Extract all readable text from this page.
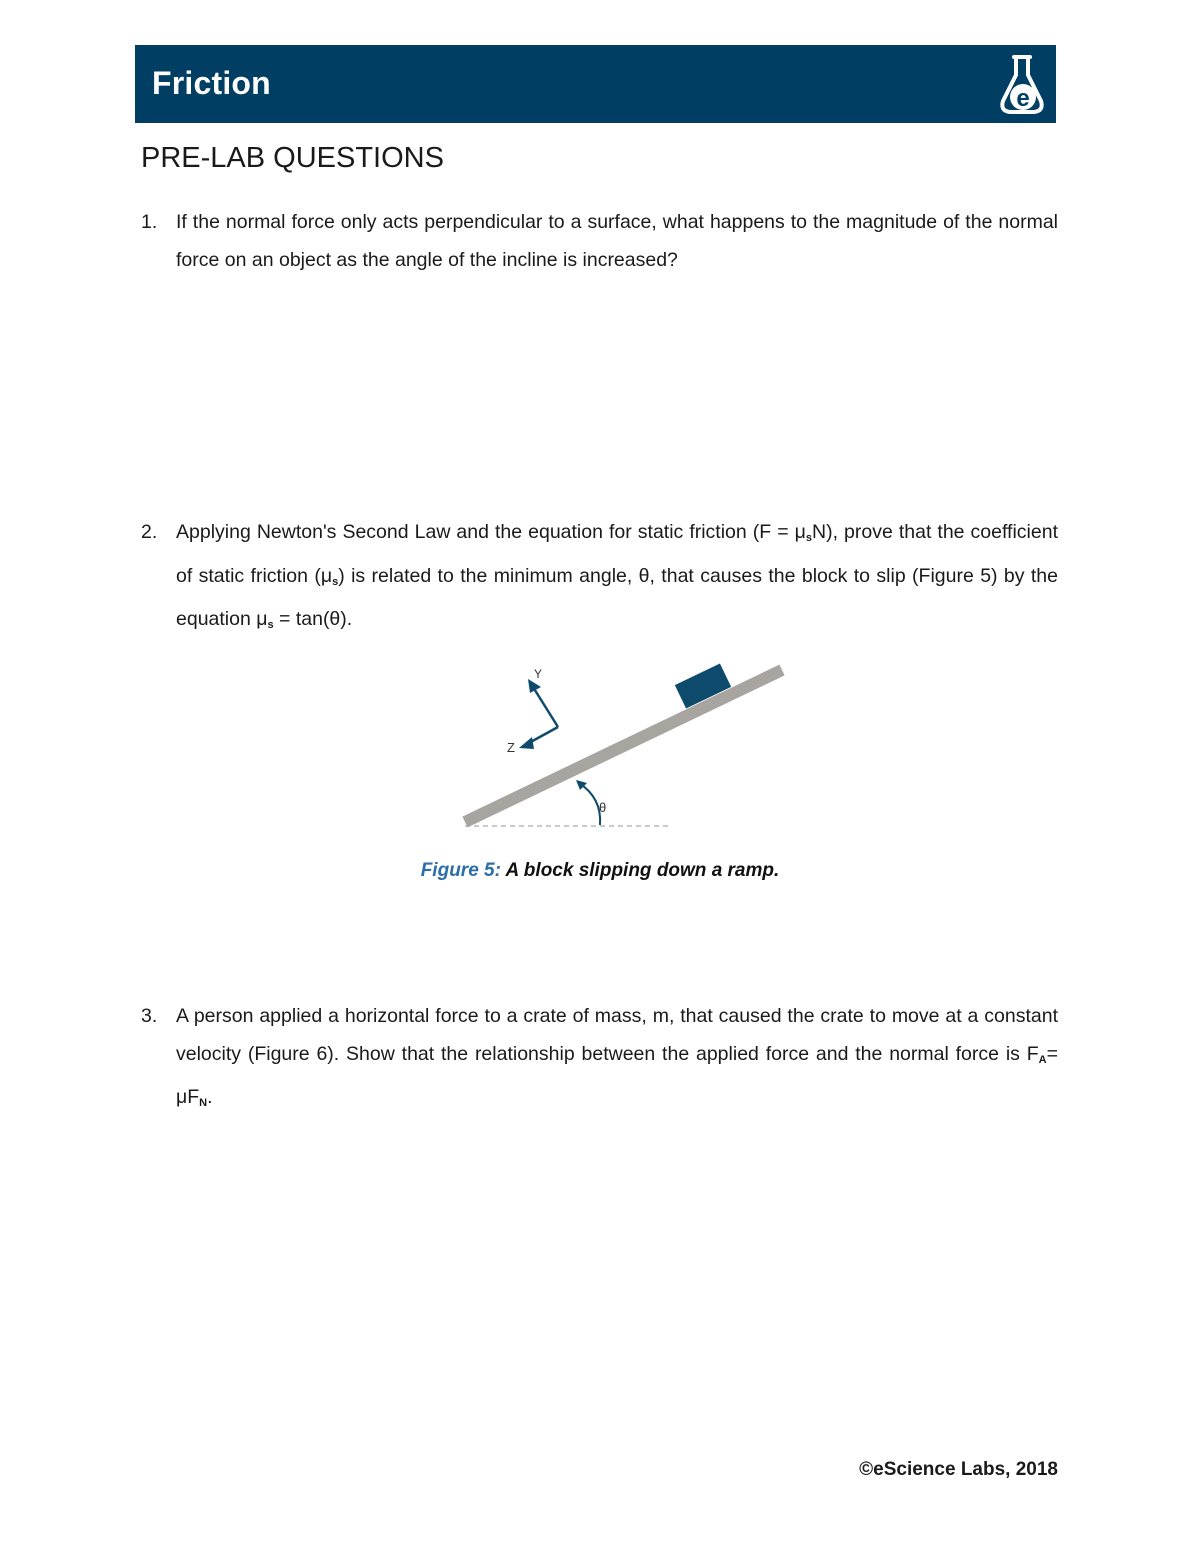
Friction	e
PRE-LAB QUESTIONS
1. If the normal force only acts perpendicular to a surface, what happens to the magnitude of the normal force on an object as the angle of the incline is increased?
2. Applying Newton's Second Law and the equation for static friction $(F = \mu_sN)$, prove that the coefficient of static friction $(\mu_s)$ is related to the minimum angle, θ, that causes the block to slip (Figure 5) by the equation $\mu_s = \tan(\theta)$.
θ
Y
Z
Figure 5: A block slipping down a ramp.
3. A person applied a horizontal force to a crate of mass, m, that caused the crate to move at a constant velocity (Figure 6). Show that the relationship between the applied force and the normal force is $F_A= \mu F_N$.
©eScience Labs, 2018
